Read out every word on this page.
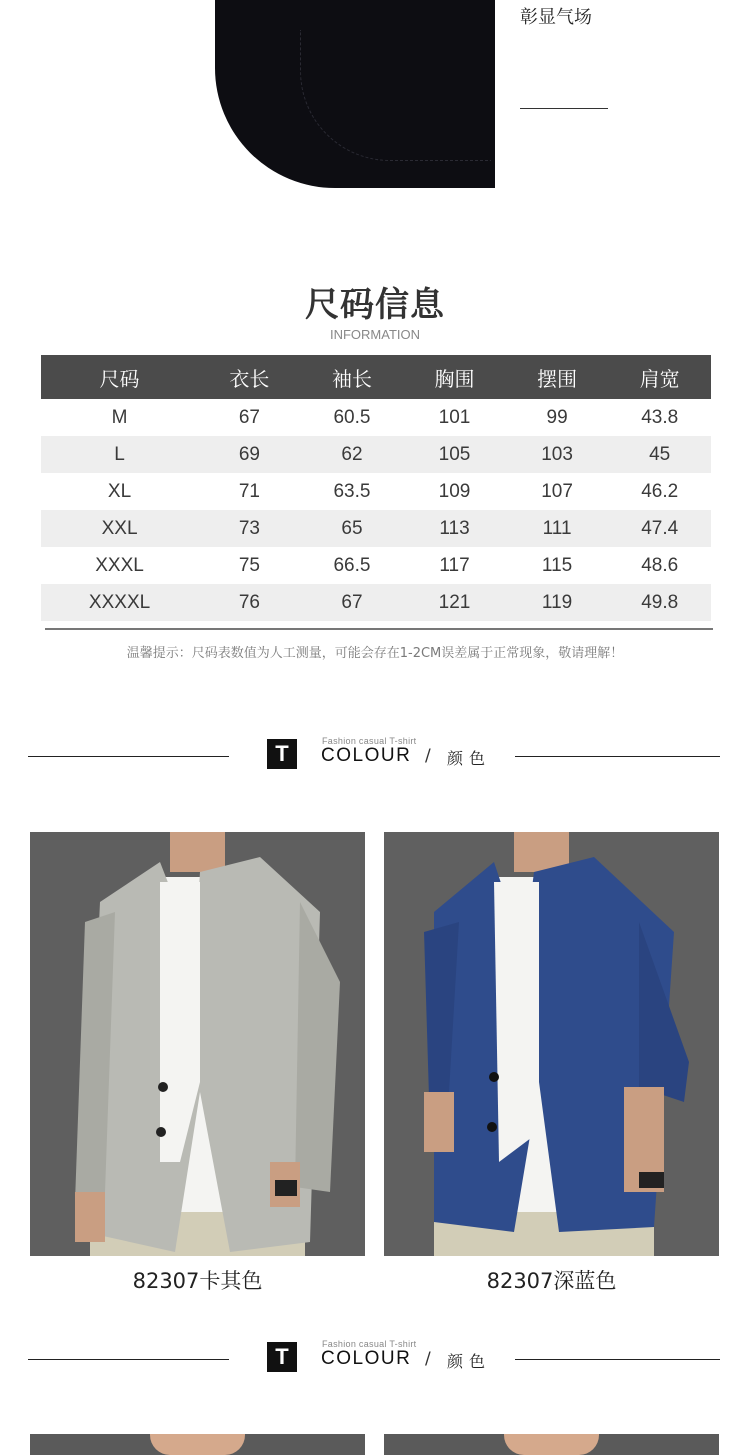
彰显气场
尺码信息
INFORMATION
尺码	衣长	袖长	胸围	摆围	肩宽
M	67	60.5	101	99	43.8
L	69	62	105	103	45
XL	71	63.5	109	107	46.2
XXL	73	65	113	111	47.4
XXXL	75	66.5	117	115	48.6
XXXXL	76	67	121	119	49.8
温馨提示：尺码表数值为人工测量，可能会存在1-2CM误差属于正常现象，敬请理解！
T	Fashion casual T-shirt
COLOUR / 颜色
82307卡其色	82307深蓝色
T	Fashion casual T-shirt
COLOUR / 颜色
